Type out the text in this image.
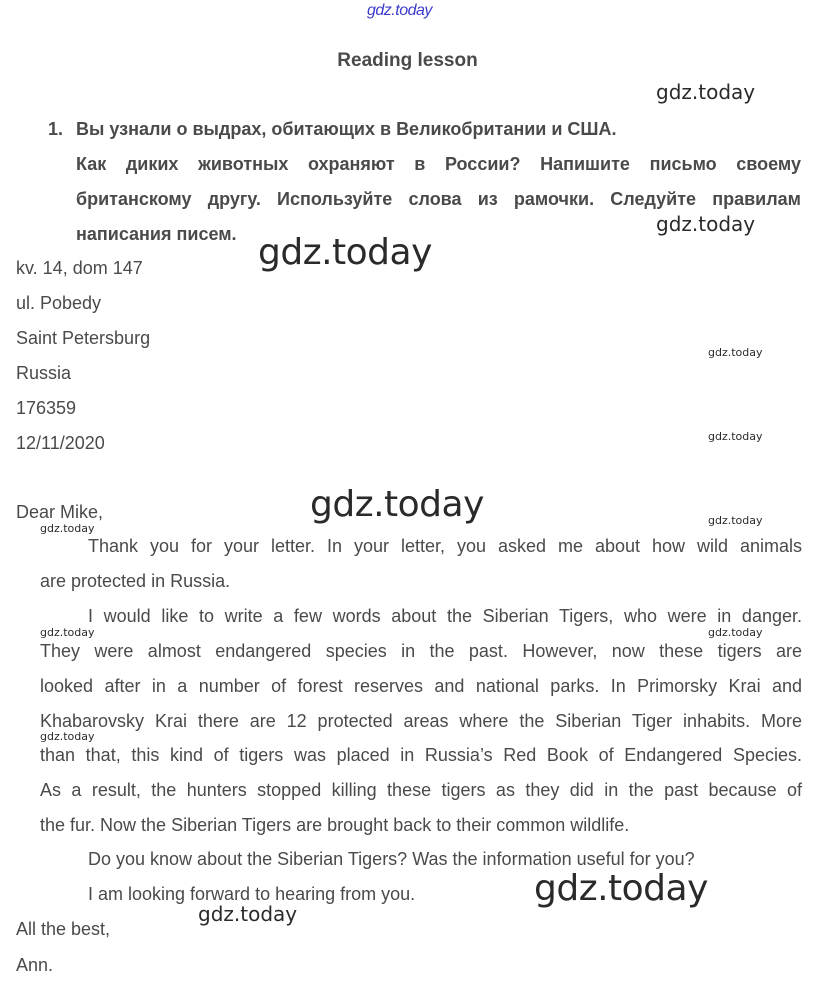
gdz.today
Reading lesson
1. Вы узнали о выдрах, обитающих в Великобритании и США.
Как диких животных охраняют в России? Напишите письмо своему
британскому другу. Используйте слова из рамочки. Следуйте правилам
написания писем.
kv. 14, dom 147
ul. Pobedy
Saint Petersburg
Russia
176359
12/11/2020
Dear Mike,
Thank you for your letter. In your letter, you asked me about how wild animals
are protected in Russia.
I would like to write a few words about the Siberian Tigers, who were in danger.
They were almost endangered species in the past. However, now these tigers are
looked after in a number of forest reserves and national parks. In Primorsky Krai and
Khabarovsky Krai there are 12 protected areas where the Siberian Tiger inhabits. More
than that, this kind of tigers was placed in Russia’s Red Book of Endangered Species.
As a result, the hunters stopped killing these tigers as they did in the past because of
the fur. Now the Siberian Tigers are brought back to their common wildlife.
Do you know about the Siberian Tigers? Was the information useful for you?
I am looking forward to hearing from you.
All the best,
Ann.
gdz.today
gdz.today
gdz.today
gdz.today
gdz.today
gdz.today	gdz.today
gdz.today
gdz.today	gdz.today
gdz.today
gdz.today
gdz.today
